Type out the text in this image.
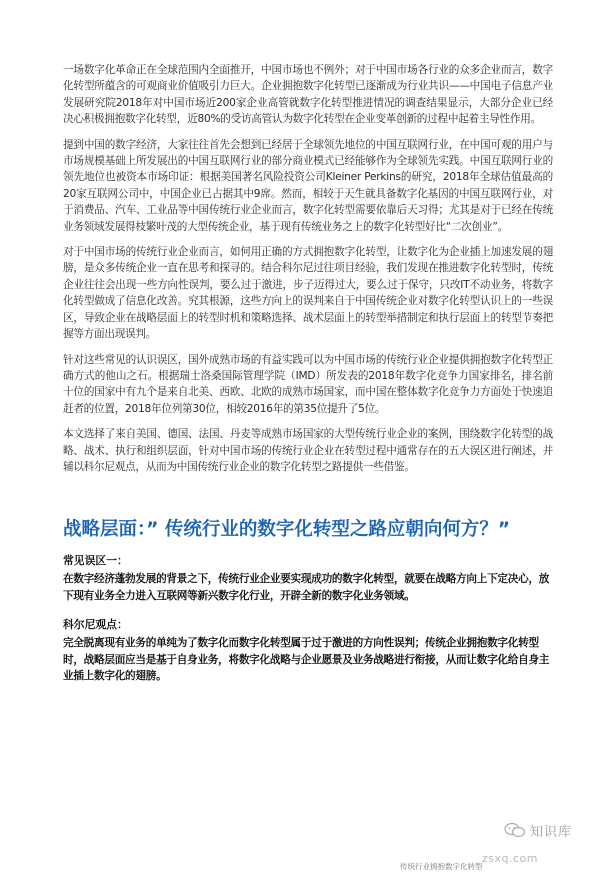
一场数字化革命正在全球范围内全面推开，中国市场也不例外；对于中国市场各行业的众多企业而言，数字化转型所蕴含的可观商业价值吸引力巨大。企业拥抱数字化转型已逐渐成为行业共识——中国电子信息产业发展研究院2018年对中国市场近200家企业高管就数字化转型推进情况的调查结果显示，大部分企业已经决心积极拥抱数字化转型，近80%的受访高管认为数字化转型在企业变革创新的过程中起着主导性作用。

提到中国的数字经济，大家往往首先会想到已经居于全球领先地位的中国互联网行业，在中国可观的用户与市场规模基础上所发展出的中国互联网行业的部分商业模式已经能够作为全球领先实践。中国互联网行业的领先地位也被资本市场印证：根据美国著名风险投资公司Kleiner Perkins的研究，2018年全球估值最高的20家互联网公司中，中国企业已占据其中9席。然而，相较于天生就具备数字化基因的中国互联网行业，对于消费品、汽车、工业品等中国传统行业企业而言，数字化转型需要依靠后天习得；尤其是对于已经在传统业务领域发展得枝繁叶茂的大型传统企业，基于现有传统业务之上的数字化转型好比“二次创业”。

对于中国市场的传统行业企业而言，如何用正确的方式拥抱数字化转型，让数字化为企业插上加速发展的翅膀，是众多传统企业一直在思考和探寻的。结合科尔尼过往项目经验，我们发现在推进数字化转型时，传统企业往往会出现一些方向性误判，要么过于激进，步子迈得过大，要么过于保守，只改IT不动业务，将数字化转型做成了信息化改善。究其根源，这些方向上的误判来自于中国传统企业对数字化转型认识上的一些误区，导致企业在战略层面上的转型时机和策略选择、战术层面上的转型举措制定和执行层面上的转型节奏把握等方面出现误判。

针对这些常见的认识误区，国外成熟市场的有益实践可以为中国市场的传统行业企业提供拥抱数字化转型正确方式的他山之石。根据瑞士洛桑国际管理学院（IMD）所发表的2018年数字化竞争力国家排名，排名前十位的国家中有九个是来自北美、西欧、北欧的成熟市场国家，而中国在整体数字化竞争力方面处于快速追赶者的位置，2018年位列第30位，相较2016年的第35位提升了5位。

本文选择了来自美国、德国、法国、丹麦等成熟市场国家的大型传统行业企业的案例，围绕数字化转型的战略、战术、执行和组织层面，针对中国市场的传统行业企业在转型过程中通常存在的五大误区进行阐述，并辅以科尔尼观点，从而为中国传统行业企业的数字化转型之路提供一些借鉴。

战略层面：” 传统行业的数字化转型之路应朝向何方？”

常见误区一：

在数字经济蓬勃发展的背景之下，传统行业企业要实现成功的数字化转型，就要在战略方向上下定决心，放下现有业务全力进入互联网等新兴数字化行业，开辟全新的数字化业务领域。

科尔尼观点：

完全脱离现有业务的单纯为了数字化而数字化转型属于过于激进的方向性误判；传统企业拥抱数字化转型时，战略层面应当是基于自身业务，将数字化战略与企业愿景及业务战略进行衔接，从而让数字化给自身主业插上数字化的翅膀。

知识库
传统行业拥抱数字化转型
zsxq.com
